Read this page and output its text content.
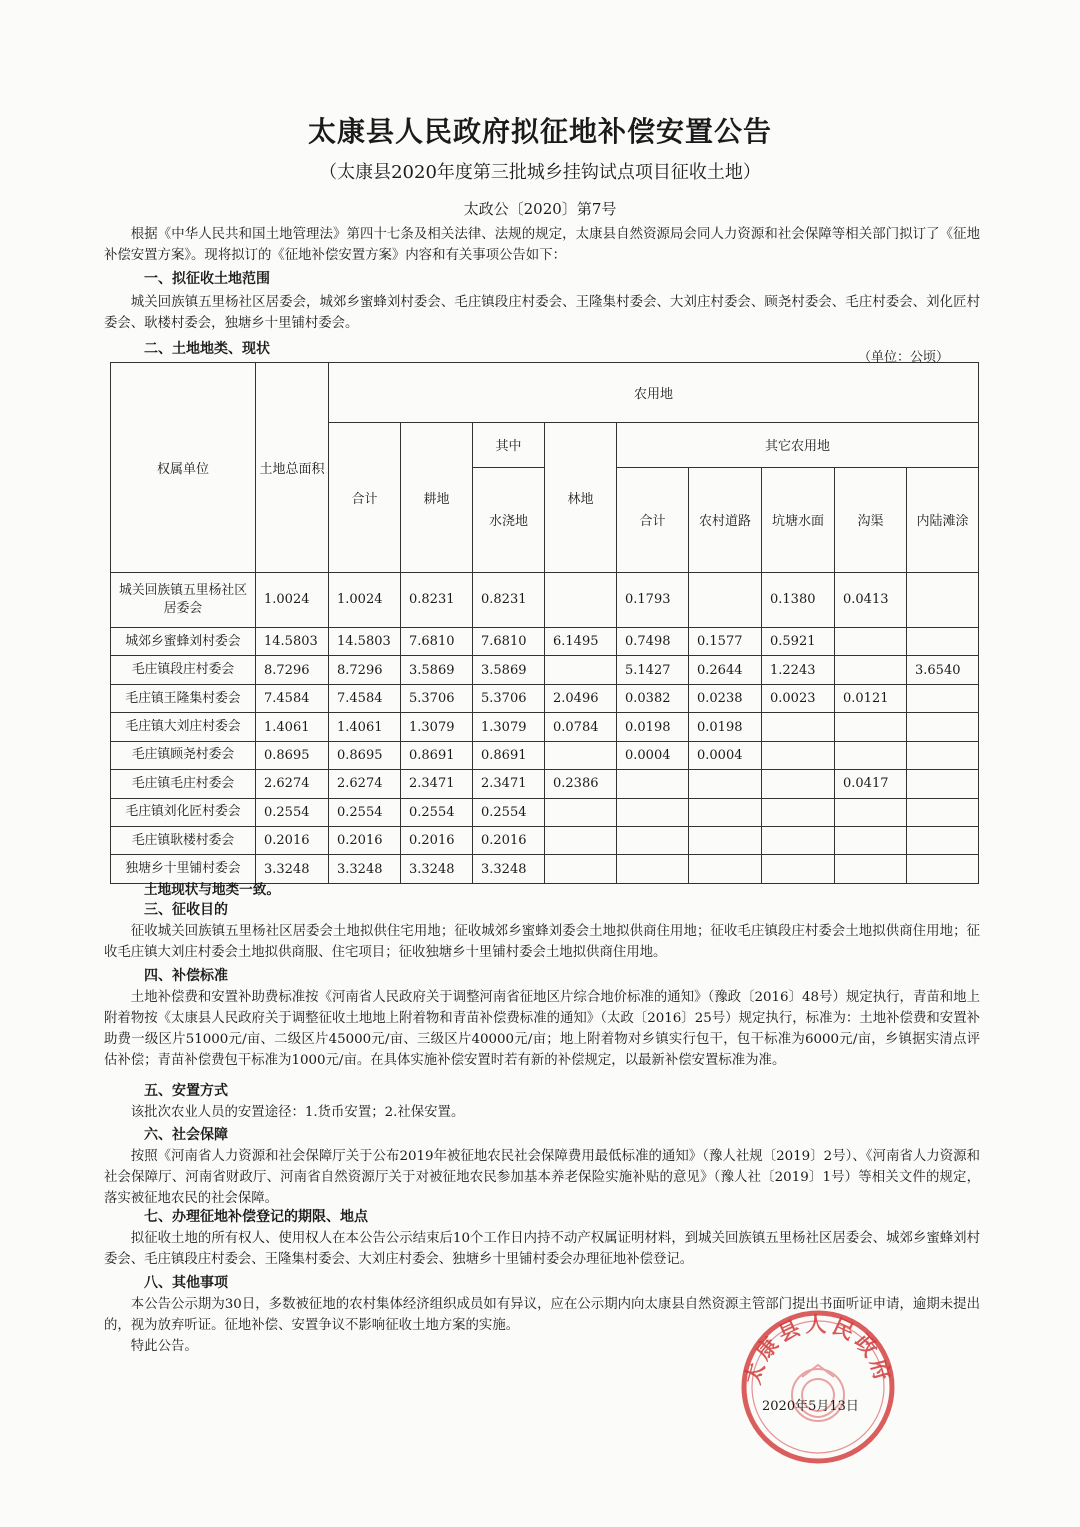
太康县人民政府拟征地补偿安置公告
（太康县2020年度第三批城乡挂钩试点项目征收土地）
太政公〔2020〕第7号
根据《中华人民共和国土地管理法》第四十七条及相关法律、法规的规定，太康县自然资源局会同人力资源和社会保障等相关部门拟订了《征地补偿安置方案》。现将拟订的《征地补偿安置方案》内容和有关事项公告如下：
一、拟征收土地范围
城关回族镇五里杨社区居委会，城郊乡蜜蜂刘村委会、毛庄镇段庄村委会、王隆集村委会、大刘庄村委会、顾尧村委会、毛庄村委会、刘化匠村委会、耿楼村委会，独塘乡十里铺村委会。
二、土地地类、现状
（单位：公顷）
权属单位	土地总面积	农用地								
		合计	耕地	其中	林地	其它农用地				
				水浇地		合计	农村道路	坑塘水面	沟渠	内陆滩涂

城关回族镇五里杨社区居委会	1.0024	1.0024	0.8231	0.8231		0.1793		0.1380	0.0413	
城郊乡蜜蜂刘村委会	14.5803	14.5803	7.6810	7.6810	6.1495	0.7498	0.1577	0.5921		
毛庄镇段庄村委会	8.7296	8.7296	3.5869	3.5869		5.1427	0.2644	1.2243		3.6540
毛庄镇王隆集村委会	7.4584	7.4584	5.3706	5.3706	2.0496	0.0382	0.0238	0.0023	0.0121	
毛庄镇大刘庄村委会	1.4061	1.4061	1.3079	1.3079	0.0784	0.0198	0.0198			
毛庄镇顾尧村委会	0.8695	0.8695	0.8691	0.8691		0.0004	0.0004			
毛庄镇毛庄村委会	2.6274	2.6274	2.3471	2.3471	0.2386				0.0417	
毛庄镇刘化匠村委会	0.2554	0.2554	0.2554	0.2554						
毛庄镇耿楼村委会	0.2016	0.2016	0.2016	0.2016						
独塘乡十里铺村委会	3.3248	3.3248	3.3248	3.3248						
土地现状与地类一致。
三、征收目的
征收城关回族镇五里杨社区居委会土地拟供住宅用地；征收城郊乡蜜蜂刘委会土地拟供商住用地；征收毛庄镇段庄村委会土地拟供商住用地；征收毛庄镇大刘庄村委会土地拟供商服、住宅项目；征收独塘乡十里铺村委会土地拟供商住用地。
四、补偿标准
土地补偿费和安置补助费标准按《河南省人民政府关于调整河南省征地区片综合地价标准的通知》（豫政〔2016〕48号）规定执行，青苗和地上附着物按《太康县人民政府关于调整征收土地地上附着物和青苗补偿费标准的通知》（太政〔2016〕25号）规定执行，标准为：土地补偿费和安置补助费一级区片51000元/亩、二级区片45000元/亩、三级区片40000元/亩；地上附着物对乡镇实行包干，包干标准为6000元/亩，乡镇据实清点评估补偿；青苗补偿费包干标准为1000元/亩。在具体实施补偿安置时若有新的补偿规定，以最新补偿安置标准为准。
五、安置方式
该批次农业人员的安置途径：1.货币安置；2.社保安置。
六、社会保障
按照《河南省人力资源和社会保障厅关于公布2019年被征地农民社会保障费用最低标准的通知》（豫人社规〔2019〕2号）、《河南省人力资源和社会保障厅、河南省财政厅、河南省自然资源厅关于对被征地农民参加基本养老保险实施补贴的意见》（豫人社〔2019〕1号）等相关文件的规定，落实被征地农民的社会保障。
七、办理征地补偿登记的期限、地点
拟征收土地的所有权人、使用权人在本公告公示结束后10个工作日内持不动产权属证明材料，到城关回族镇五里杨社区居委会、城郊乡蜜蜂刘村委会、毛庄镇段庄村委会、王隆集村委会、大刘庄村委会、独塘乡十里铺村委会办理征地补偿登记。
八、其他事项
本公告公示期为30日，多数被征地的农村集体经济组织成员如有异议，应在公示期内向太康县自然资源主管部门提出书面听证申请，逾期未提出的，视为放弃听证。征地补偿、安置争议不影响征收土地方案的实施。
特此公告。
太康县人民政府
2020年5月13日
